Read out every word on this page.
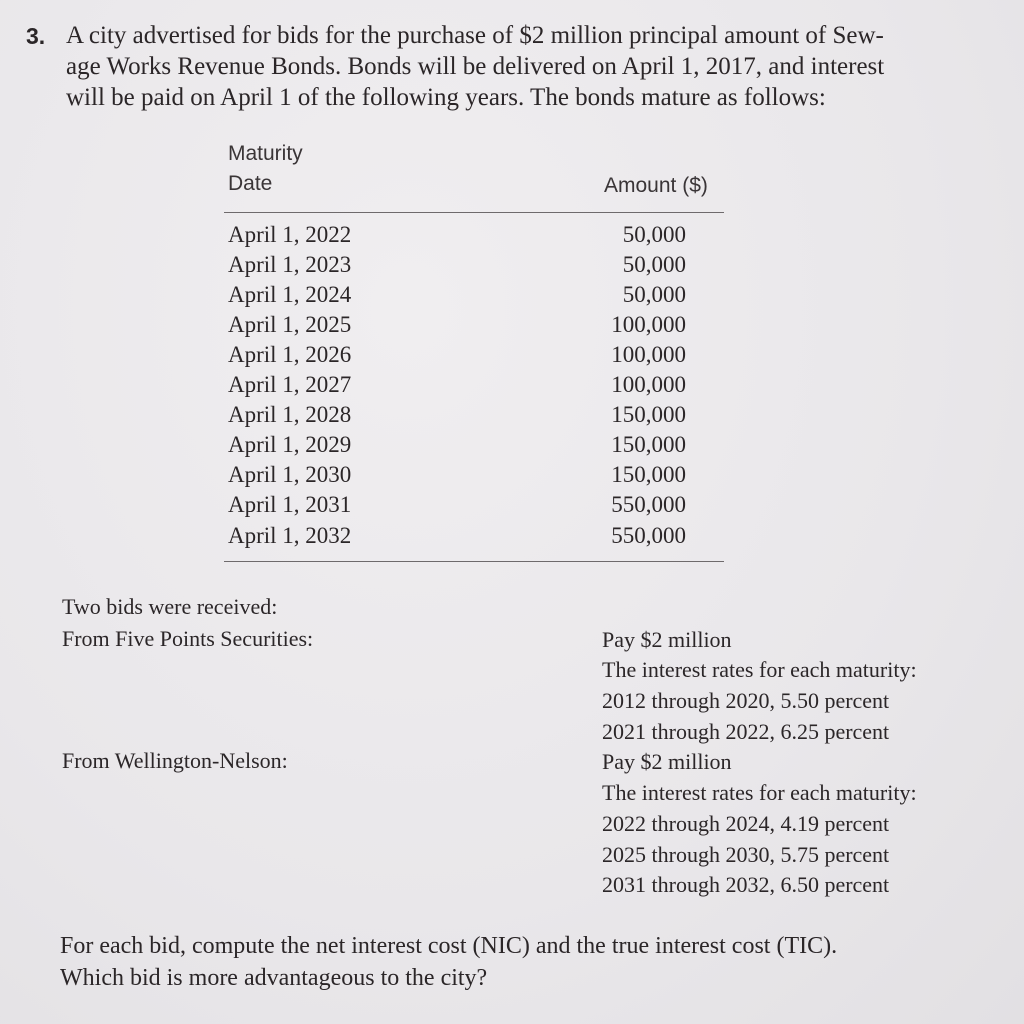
3. A city advertised for bids for the purchase of $2 million principal amount of Sew-
age Works Revenue Bonds. Bonds will be delivered on April 1, 2017, and interest
will be paid on April 1 of the following years. The bonds mature as follows:
Maturity
Date	Amount ($)
April 1, 2022	50,000
April 1, 2023	50,000
April 1, 2024	50,000
April 1, 2025	100,000
April 1, 2026	100,000
April 1, 2027	100,000
April 1, 2028	150,000
April 1, 2029	150,000
April 1, 2030	150,000
April 1, 2031	550,000
April 1, 2032	550,000
Two bids were received:
From Five Points Securities:	Pay $2 million
The interest rates for each maturity:
2012 through 2020, 5.50 percent
2021 through 2022, 6.25 percent
From Wellington-Nelson:	Pay $2 million
The interest rates for each maturity:
2022 through 2024, 4.19 percent
2025 through 2030, 5.75 percent
2031 through 2032, 6.50 percent
For each bid, compute the net interest cost (NIC) and the true interest cost (TIC).
Which bid is more advantageous to the city?
